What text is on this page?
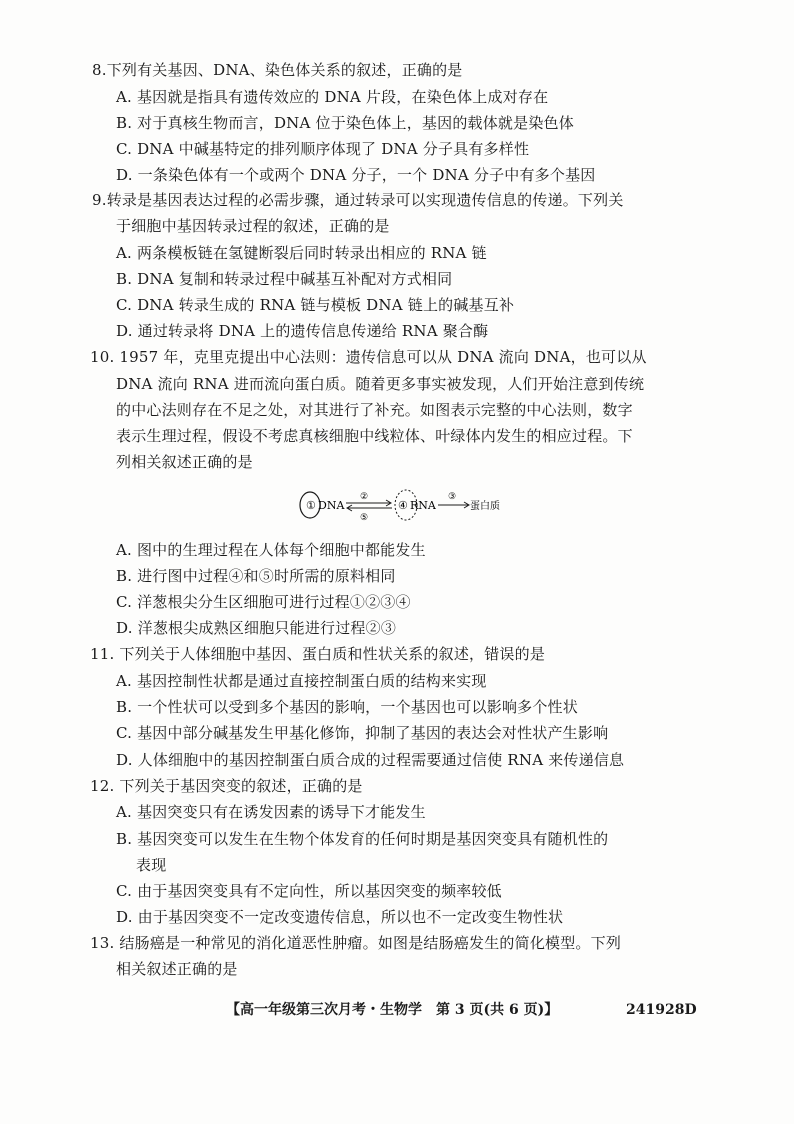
8.下列有关基因、DNA、染色体关系的叙述，正确的是
A. 基因就是指具有遗传效应的 DNA 片段，在染色体上成对存在
B. 对于真核生物而言，DNA 位于染色体上，基因的载体就是染色体
C. DNA 中碱基特定的排列顺序体现了 DNA 分子具有多样性
D. 一条染色体有一个或两个 DNA 分子，一个 DNA 分子中有多个基因
9.转录是基因表达过程的必需步骤，通过转录可以实现遗传信息的传递。下列关
于细胞中基因转录过程的叙述，正确的是
A. 两条模板链在氢键断裂后同时转录出相应的 RNA 链
B. DNA 复制和转录过程中碱基互补配对方式相同
C. DNA 转录生成的 RNA 链与模板 DNA 链上的碱基互补
D. 通过转录将 DNA 上的遗传信息传递给 RNA 聚合酶
10. 1957 年，克里克提出中心法则：遗传信息可以从 DNA 流向 DNA，也可以从
DNA 流向 RNA 进而流向蛋白质。随着更多事实被发现，人们开始注意到传统
的中心法则存在不足之处，对其进行了补充。如图表示完整的中心法则，数字
表示生理过程，假设不考虑真核细胞中线粒体、叶绿体内发生的相应过程。下
列相关叙述正确的是
① DNA
②
⑤
④ RNA
③
蛋白质
A. 图中的生理过程在人体每个细胞中都能发生
B. 进行图中过程④和⑤时所需的原料相同
C. 洋葱根尖分生区细胞可进行过程①②③④
D. 洋葱根尖成熟区细胞只能进行过程②③
11. 下列关于人体细胞中基因、蛋白质和性状关系的叙述，错误的是
A. 基因控制性状都是通过直接控制蛋白质的结构来实现
B. 一个性状可以受到多个基因的影响，一个基因也可以影响多个性状
C. 基因中部分碱基发生甲基化修饰，抑制了基因的表达会对性状产生影响
D. 人体细胞中的基因控制蛋白质合成的过程需要通过信使 RNA 来传递信息
12. 下列关于基因突变的叙述，正确的是
A. 基因突变只有在诱发因素的诱导下才能发生
B. 基因突变可以发生在生物个体发育的任何时期是基因突变具有随机性的
表现
C. 由于基因突变具有不定向性，所以基因突变的频率较低
D. 由于基因突变不一定改变遗传信息，所以也不一定改变生物性状
13. 结肠癌是一种常见的消化道恶性肿瘤。如图是结肠癌发生的简化模型。下列
相关叙述正确的是
【高一年级第三次月考・生物学　第 3 页(共 6 页)】	241928D
